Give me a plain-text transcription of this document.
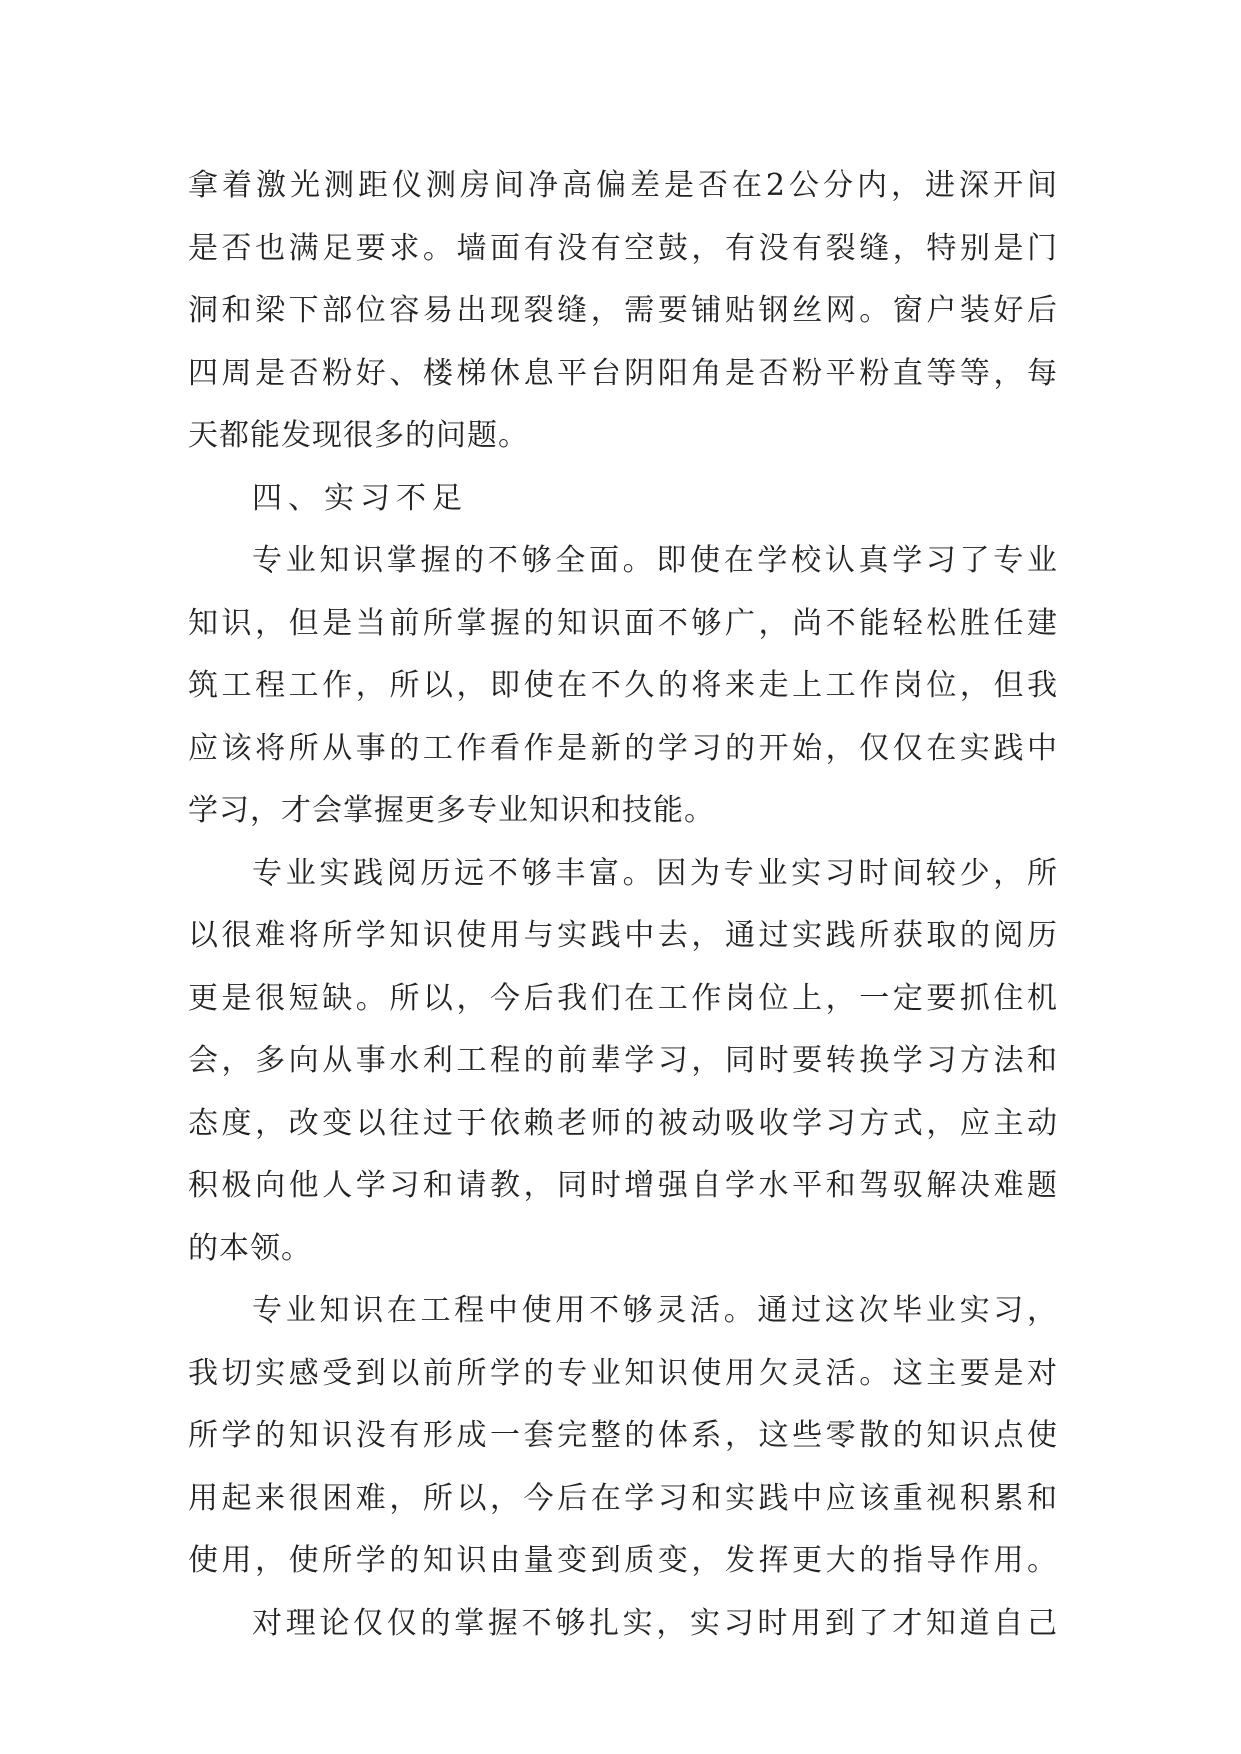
拿着激光测距仪测房间净高偏差是否在2公分内，进深开间
是否也满足要求。墙面有没有空鼓，有没有裂缝，特别是门
洞和梁下部位容易出现裂缝，需要铺贴钢丝网。窗户装好后
四周是否粉好、楼梯休息平台阴阳角是否粉平粉直等等，每
天都能发现很多的问题。
四、实习不足
专业知识掌握的不够全面。即使在学校认真学习了专业
知识，但是当前所掌握的知识面不够广，尚不能轻松胜任建
筑工程工作，所以，即使在不久的将来走上工作岗位，但我
应该将所从事的工作看作是新的学习的开始，仅仅在实践中
学习，才会掌握更多专业知识和技能。
专业实践阅历远不够丰富。因为专业实习时间较少，所
以很难将所学知识使用与实践中去，通过实践所获取的阅历
更是很短缺。所以，今后我们在工作岗位上，一定要抓住机
会，多向从事水利工程的前辈学习，同时要转换学习方法和
态度，改变以往过于依赖老师的被动吸收学习方式，应主动
积极向他人学习和请教，同时增强自学水平和驾驭解决难题
的本领。
专业知识在工程中使用不够灵活。通过这次毕业实习，
我切实感受到以前所学的专业知识使用欠灵活。这主要是对
所学的知识没有形成一套完整的体系，这些零散的知识点使
用起来很困难，所以，今后在学习和实践中应该重视积累和
使用，使所学的知识由量变到质变，发挥更大的指导作用。
对理论仅仅的掌握不够扎实，实习时用到了才知道自己
